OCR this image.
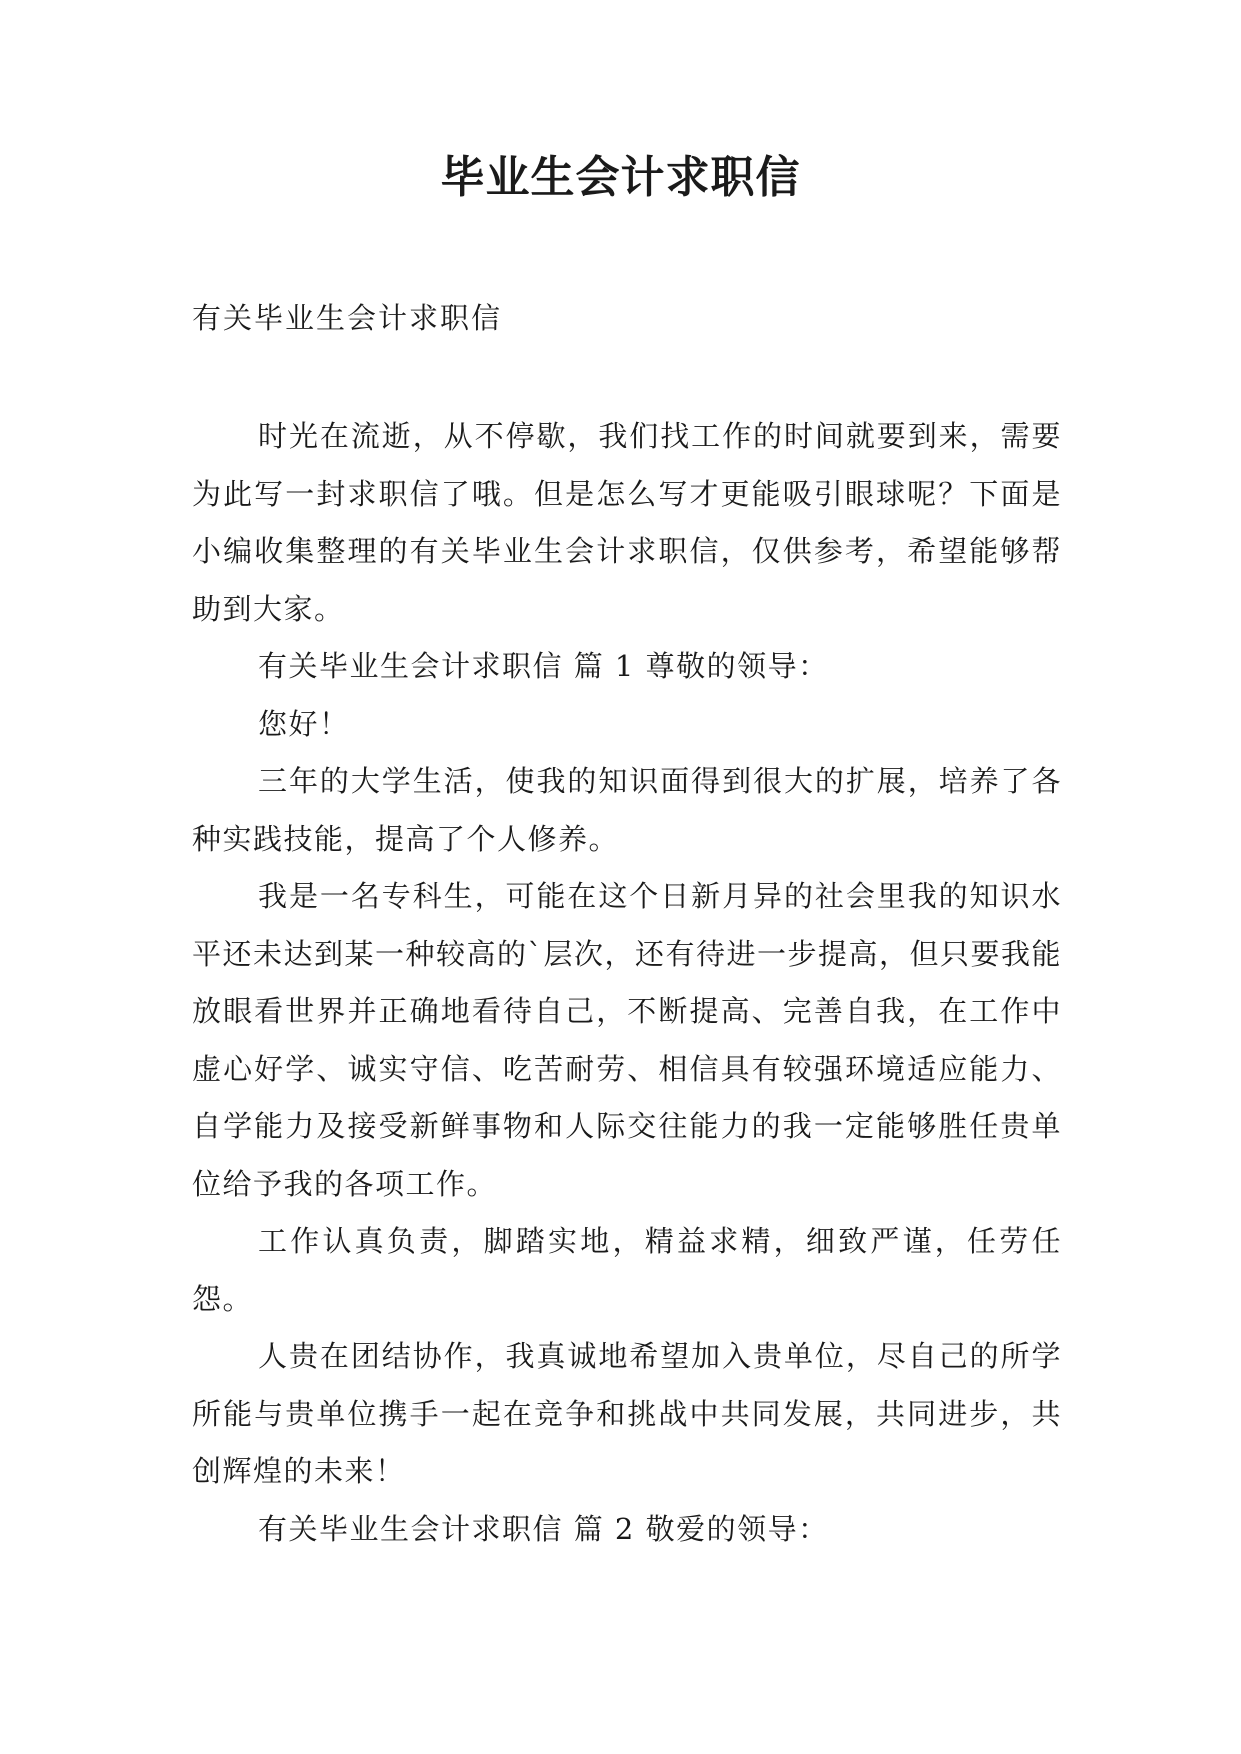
毕业生会计求职信

有关毕业生会计求职信

时光在流逝，从不停歇，我们找工作的时间就要到来，需要为此写一封求职信了哦。但是怎么写才更能吸引眼球呢？下面是小编收集整理的有关毕业生会计求职信，仅供参考，希望能够帮助到大家。

有关毕业生会计求职信 篇 1 尊敬的领导：

您好！

三年的大学生活，使我的知识面得到很大的扩展，培养了各种实践技能，提高了个人修养。

我是一名专科生，可能在这个日新月异的社会里我的知识水平还未达到某一种较高的`层次，还有待进一步提高，但只要我能放眼看世界并正确地看待自己，不断提高、完善自我，在工作中虚心好学、诚实守信、吃苦耐劳、相信具有较强环境适应能力、自学能力及接受新鲜事物和人际交往能力的我一定能够胜任贵单位给予我的各项工作。

工作认真负责，脚踏实地，精益求精，细致严谨，任劳任怨。

人贵在团结协作，我真诚地希望加入贵单位，尽自己的所学所能与贵单位携手一起在竞争和挑战中共同发展，共同进步，共创辉煌的未来！

有关毕业生会计求职信 篇 2 敬爱的领导：
